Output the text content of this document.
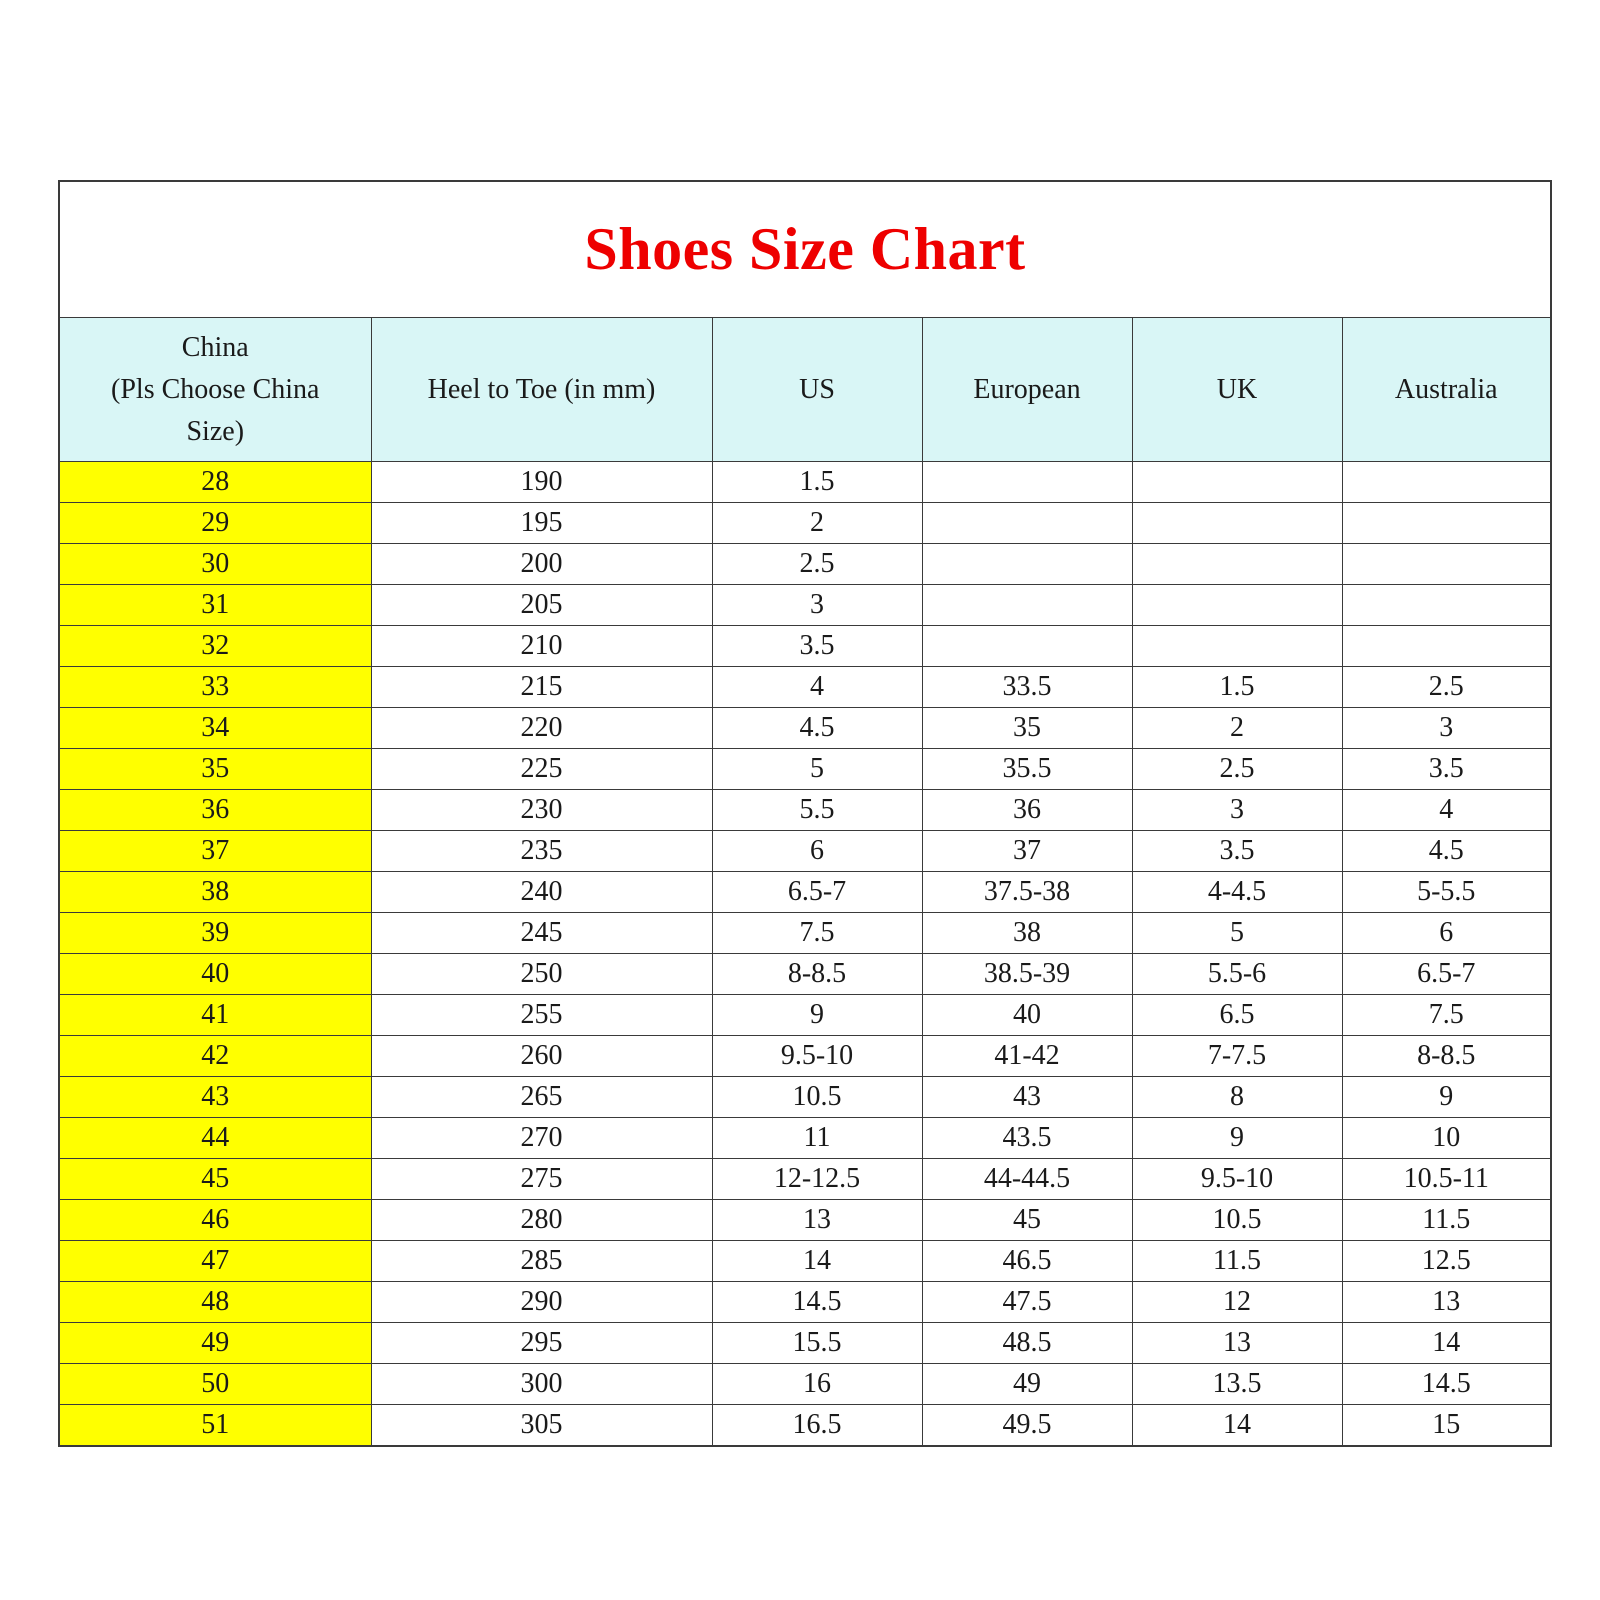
Shoes Size Chart					

China
(Pls Choose China
Size)	Heel to Toe (in mm)	US	European	UK	Australia

28	190	1.5			
29	195	2			
30	200	2.5			
31	205	3			
32	210	3.5			
33	215	4	33.5	1.5	2.5
34	220	4.5	35	2	3
35	225	5	35.5	2.5	3.5
36	230	5.5	36	3	4
37	235	6	37	3.5	4.5
38	240	6.5-7	37.5-38	4-4.5	5-5.5
39	245	7.5	38	5	6
40	250	8-8.5	38.5-39	5.5-6	6.5-7
41	255	9	40	6.5	7.5
42	260	9.5-10	41-42	7-7.5	8-8.5
43	265	10.5	43	8	9
44	270	11	43.5	9	10
45	275	12-12.5	44-44.5	9.5-10	10.5-11
46	280	13	45	10.5	11.5
47	285	14	46.5	11.5	12.5
48	290	14.5	47.5	12	13
49	295	15.5	48.5	13	14
50	300	16	49	13.5	14.5
51	305	16.5	49.5	14	15
